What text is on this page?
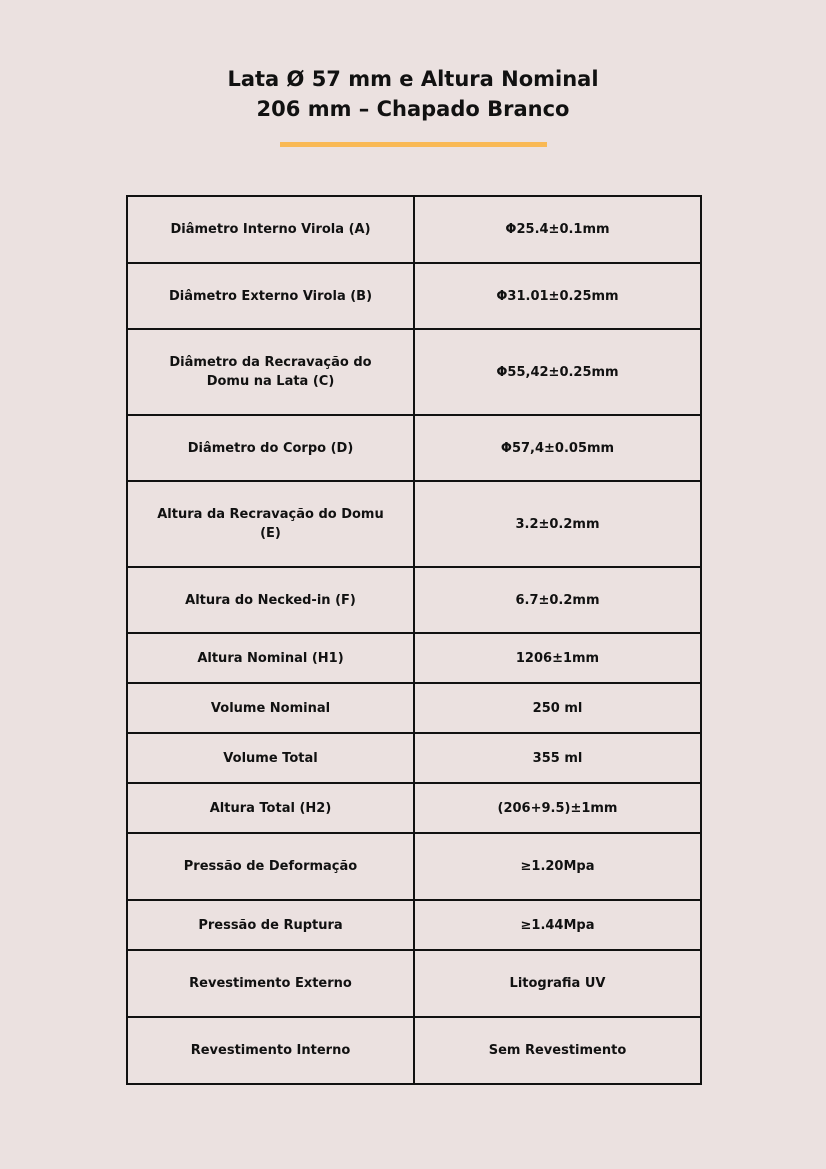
Lata Ø 57 mm e Altura Nominal
206 mm – Chapado Branco
Diâmetro Interno Virola (A)	Φ25.4±0.1mm
Diâmetro Externo Virola (B)	Φ31.01±0.25mm
Diâmetro da Recravação do Domu na Lata (C)	Φ55,42±0.25mm
Diâmetro do Corpo (D)	Φ57,4±0.05mm
Altura da Recravação do Domu (E)	3.2±0.2mm
Altura do Necked-in (F)	6.7±0.2mm
Altura Nominal (H1)	1206±1mm
Volume Nominal	250 ml
Volume Total	355 ml
Altura Total (H2)	(206+9.5)±1mm
Pressão de Deformação	≥1.20Mpa
Pressão de Ruptura	≥1.44Mpa
Revestimento Externo	Litografia UV
Revestimento Interno	Sem Revestimento
